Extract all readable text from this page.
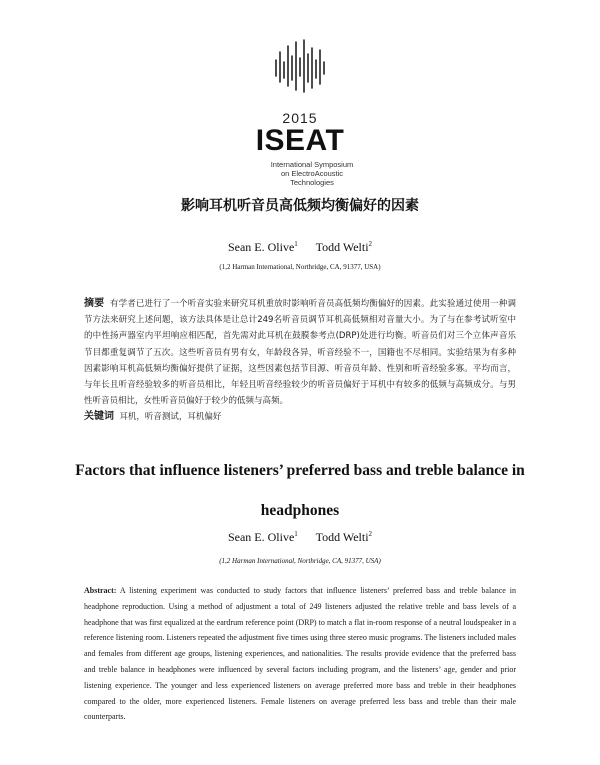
2015
ISEAT
International Symposium
on ElectroAcoustic
Technologies
影响耳机听音员高低频均衡偏好的因素
Sean E. Olive$^1$ Todd Welti$^2$
(1,2 Harman International, Northridge, CA, 91377, USA)
摘要 有学者已进行了一个听音实验来研究耳机重放时影响听音员高低频均衡偏好的因素。此实验通过使用一种调节方法来研究上述问题，该方法具体是让总计249名听音员调节耳机高低频相对音量大小。为了与在参考试听室中的中性扬声器室内平坦响应相匹配，首先需对此耳机在鼓膜参考点(DRP)处进行均衡。听音员们对三个立体声音乐节目都重复调节了五次。这些听音员有男有女，年龄段各异，听音经验不一，国籍也不尽相同。实验结果为有多种因素影响耳机高低频均衡偏好提供了证据，这些因素包括节目源、听音员年龄、性别和听音经验多寡。平均而言，与年长且听音经验较多的听音员相比，年轻且听音经验较少的听音员偏好于耳机中有较多的低频与高频成分。与男性听音员相比，女性听音员偏好于较少的低频与高频。
关键词 耳机，听音测试，耳机偏好
Factors that influence listeners’ preferred bass and treble balance in
headphones
Sean E. Olive$^1$ Todd Welti$^2$
(1,2 Harman International, Northridge, CA, 91377, USA)
Abstract: A listening experiment was conducted to study factors that influence listeners’ preferred bass and treble balance in headphone reproduction. Using a method of adjustment a total of 249 listeners adjusted the relative treble and bass levels of a headphone that was first equalized at the eardrum reference point (DRP) to match a flat in-room response of a neutral loudspeaker in a reference listening room. Listeners repeated the adjustment five times using three stereo music programs. The listeners included males and females from different age groups, listening experiences, and nationalities. The results provide evidence that the preferred bass and treble balance in headphones were influenced by several factors including program, and the listeners’ age, gender and prior listening experience. The younger and less experienced listeners on average preferred more bass and treble in their headphones compared to the older, more experienced listeners. Female listeners on average preferred less bass and treble than their male counterparts.
